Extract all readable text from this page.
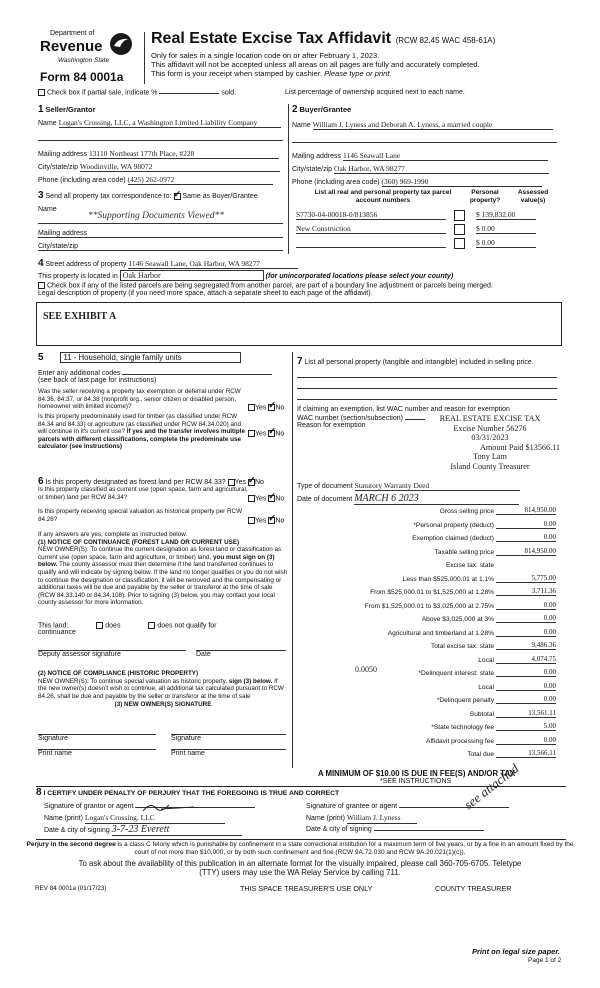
Department of
Revenue
Washington State
Form 84 0001a
Real Estate Excise Tax Affidavit (RCW 82.45 WAC 458-61A)
Only for sales in a single location code on or after February 1, 2023.
This affidavit will not be accepted unless all areas on all pages are fully and accurately completed.
This form is your receipt when stamped by cashier. Please type or print.
Check box if partial sale, indicate %	sold.	List percentage of ownership acquired next to each name.
1 Seller/Grantor
Name Logan's Crossing, LLC, a Washington Limited Liability Company
Mailing address 13110 Northeast 177th Place, #228
City/state/zip Woodinville, WA 98072
Phone (including area code) (425) 262-0972
2 Buyer/Grantee
Name William J. Lyness and Deborah A. Lyness, a married couple
Mailing address 1146 Seawall Lane
City/state/zip Oak Harbor, WA 98277
Phone (including area code) (360) 969-1990
3 Send all property tax correspondence to: ✓ Same as Buyer/Grantee
Name
**Supporting Documents Viewed**
Mailing address
City/state/zip
List all real and personal property tax parcel account numbers
Personal property?
Assessed value(s)
S7730-04-00018-0/813856	$ 139,832.00
New Construction	$ 0.00
$ 0.00
4 Street address of property 1146 Seawall Lane, Oak Harbor, WA 98277
This property is located in Oak Harbor	(for unincorporated locations please select your county)
Check box if any of the listed parcels are being segregated from another parcel, are part of a boundary line adjustment or parcels being merged.
Legal description of property (if you need more space, attach a separate sheet to each page of the affidavit).
SEE EXHIBIT A
5	11 - Household, single family units
Enter any additional codes
(see back of last page for instructions)
Was the seller receiving a property tax exemption or deferral under RCW 84.36, 84.37, or 84.38 (nonprofit org., senior citizen or disabled person, homeowner with limited income)?	Yes ✓ No
Is this property predominately used for timber (as classified under RCW 84.34 and 84.33) or agriculture (as classified under RCW 84.34.020) and will continue in it's current use? If yes and the transfer involves multiple parcels with different classifications, complete the predominate use calculator (see instructions)
Yes ✓ No
7 List all personal property (tangible and intangible) included in selling price.
If claiming an exemption, list WAC number and reason for exemption
WAC number (section/subsection)
Reason for exemption
REAL ESTATE EXCISE TAX
Excise Number 56276
03/31/2023
Amount Paid $13566.11
Tony Lam
Island County Treasurer
Type of document Statutory Warranty Deed
Date of document MARCH 6 2023
6 Is this property designated as forest land per RCW 84.33? Yes ✓ No
Is this property classified as current use (open space, farm and agricultural, or timber) land per RCW 84.34?	Yes ✓ No
Is this property receiving special valuation as historical property per RCW 84.26?	Yes ✓ No
If any answers are yes, complete as instructed below.
(1) NOTICE OF CONTINUANCE (FOREST LAND OR CURRENT USE)
NEW OWNER(S): To continue the current designation as forest land or classification as current use (open space, farm and agriculture, or timber) land, you must sign on (3) below. The county assessor must then determine if the land transferred continues to qualify and will indicate by signing below. If the land no longer qualifies or you do not wish to continue the designation or classification, it will be removed and the compensating or additional taxes will be due and payable by the seller or transferor at the time of sale (RCW 84.33.140 or 84.34.108). Prior to signing (3) below, you may contact your local county assessor for more information.
This land:	does	does not qualify for
continuance
Deputy assessor signature	Date
(2) NOTICE OF COMPLIANCE (HISTORIC PROPERTY)
NEW OWNER(S): To continue special valuation as historic property, sign (3) below. If the new owner(s) doesn't wish to continue, all additional tax calculated pursuant to RCW 84.26, shall be due and payable by the seller or transferor at the time of sale
(3) NEW OWNER(S) SIGNATURE
Signature	Signature
Print name	Print name
0.0050
Gross selling price	814,950.00
*Personal property (deduct)	0.00
Exemption claimed (deduct)	0.00
Taxable selling price	814,950.00
Excise tax: state
Less than $525,000.01 at 1.1%	5,775.00
From $525,000.01 to $1,525,000 at 1.28%	3,711.36
From $1,525,000.01 to $3,025,000 at 2.75%	0.00
Above $3,025,000 at 3%	0.00
Agricultural and timberland at 1.28%	0.00
Total excise tax: state	9,486.36
Local	4,074.75
*Delinquent interest: state	0.00
Local	0.00
*Delinquent penalty	0.00
Subtotal	13,561.11
*State technology fee	5.00
Affidavit processing fee	0.00
Total due	13,566.11
A MINIMUM OF $10.00 IS DUE IN FEE(S) AND/OR TAX
*SEE INSTRUCTIONS
8 I CERTIFY UNDER PENALTY OF PERJURY THAT THE FOREGOING IS TRUE AND CORRECT
Signature of grantor or agent
Name (print) Logan's Crossing, LLC
Date & city of signing 3-7-23 Everett
Signature of grantee or agent
Name (print) William J. Lyness
Date & city of signing
see attached
Perjury in the second degree is a class C felony which is punishable by confinement in a state correctional institution for a maximum term of five years, or by a fine in an amount fixed by the court of not more than $10,000, or by both such confinement and fine (RCW 9A.72.030 and RCW 9A.20.021(1)(c)).
To ask about the availability of this publication in an alternate format for the visually impaired, please call 360-705-6705. Teletype
(TTY) users may use the WA Relay Service by calling 711.
REV 84 0001a (01/17/23)	THIS SPACE TREASURER'S USE ONLY	COUNTY TREASURER
Print on legal size paper.
Page 1 of 2
